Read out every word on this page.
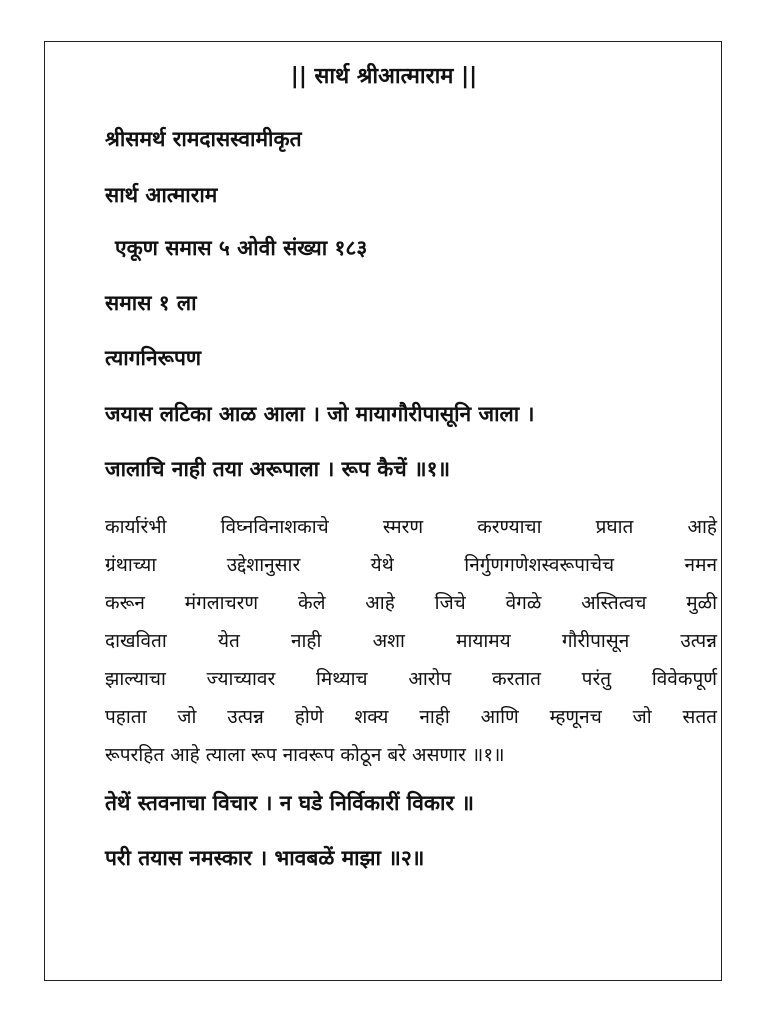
|| सार्थ श्रीआत्माराम ||
श्रीसमर्थ रामदासस्वामीकृत
सार्थ आत्माराम
एकूण समास ५ ओवी संख्या १८३
समास १ ला
त्यागनिरूपण
जयास लटिका आळ आला । जो मायागौरीपासूनि जाला ।
जालाचि नाही तया अरूपाला । रूप कैचें ॥१॥
कार्यारंभी विघ्नविनाशकाचे स्मरण करण्याचा प्रघात आहे
ग्रंथाच्या उद्देशानुसार येथे निर्गुणगणेशस्वरूपाचेच नमन
करून मंगलाचरण केले आहे जिचे वेगळे अस्तित्वच मुळी
दाखविता येत नाही अशा मायामय गौरीपासून उत्पन्न
झाल्याचा ज्याच्यावर मिथ्याच आरोप करतात परंतु विवेकपूर्ण
पहाता जो उत्पन्न होणे शक्य नाही आणि म्हणूनच जो सतत
रूपरहित आहे त्याला रूप नावरूप कोठून बरे असणार ॥१॥
तेथें स्तवनाचा विचार । न घडे निर्विकारीं विकार ॥
परी तयास नमस्कार । भावबळें माझा ॥२॥
